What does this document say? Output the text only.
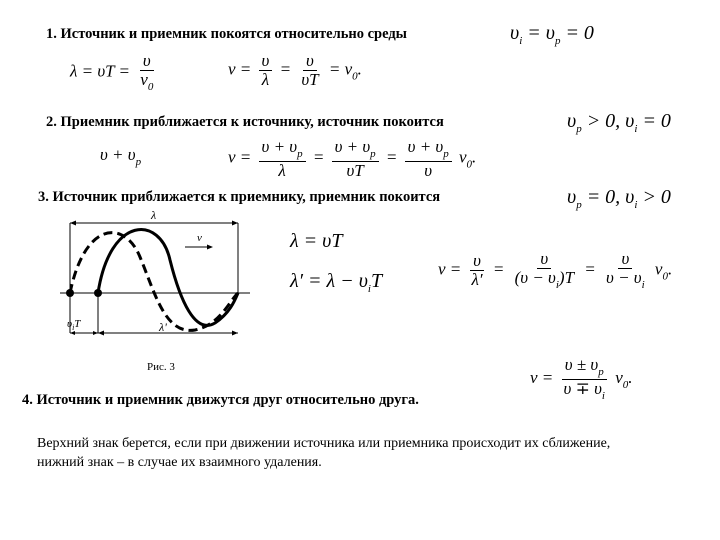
1. Источник и приемник покоятся относительно среды	$\upsilon_i = \upsilon_p = 0$
$\lambda = \upsilon T = \frac{\upsilon}{\nu_0}$	$\nu = \frac{\upsilon}{\lambda} = \frac{\upsilon}{\upsilon T} = \nu_0$.
2. Приемник приближается к источнику, источник покоится	$\upsilon_p > 0$, $\upsilon_i = 0$
$\upsilon + \upsilon_p$	$\nu = \frac{\upsilon + \upsilon_p}{\lambda} = \frac{\upsilon + \upsilon_p}{\upsilon T} = \frac{\upsilon + \upsilon_p}{\upsilon} \nu_0$.
3. Источник приближается к приемнику, приемник покоится	$\upsilon_p = 0$, $\upsilon_i > 0$
λ
v
$\upsilon_iT$	λ'
Рис. 3
λ = υT
$\lambda' = \lambda - \upsilon_iT$
$\nu = \frac{\upsilon}{\lambda'} = \frac{\upsilon}{(\upsilon - \upsilon_i)T} = \frac{\upsilon}{\upsilon - \upsilon_i} \nu_0$.
$\nu = \frac{\upsilon \pm \upsilon_p}{\upsilon \mp \upsilon_i} \nu_0$.
4. Источник и приемник движутся друг относительно друга.
Верхний знак берется, если при движении источника или приемника происходит их сближение, нижний знак – в случае их взаимного удаления.
